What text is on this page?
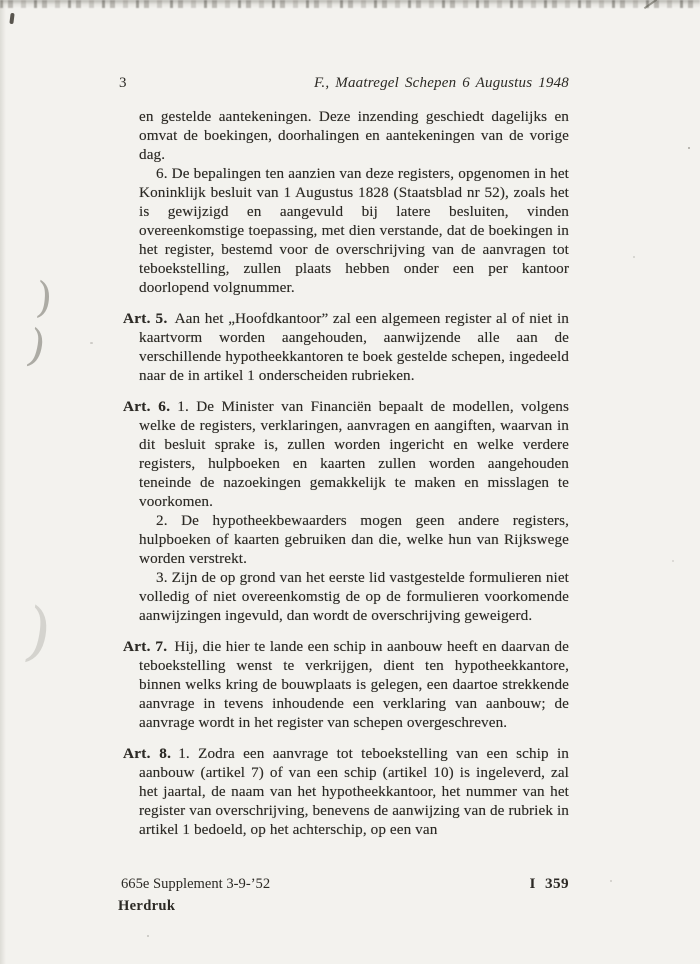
3	F., Maatregel Schepen 6 Augustus 1948
)
)
)

en gestelde aantekeningen. Deze inzending geschiedt dagelijks en omvat de boekingen, doorhalingen en aantekeningen van de vorige dag.

6. De bepalingen ten aanzien van deze registers, opgenomen in het Koninklijk besluit van 1 Augustus 1828 (Staatsblad nr 52), zoals het is gewijzigd en aangevuld bij latere besluiten, vinden overeenkomstige toepassing, met dien verstande, dat de boekingen in het register, bestemd voor de overschrijving van de aanvragen tot teboekstelling, zullen plaats hebben onder een per kantoor doorlopend volgnummer.

Art. 5. Aan het „Hoofdkantoor” zal een algemeen register al of niet in kaartvorm worden aangehouden, aanwijzende alle aan de verschillende hypotheekkantoren te boek gestelde schepen, ingedeeld naar de in artikel 1 onderscheiden rubrieken.

Art. 6. 1. De Minister van Financiën bepaalt de modellen, volgens welke de registers, verklaringen, aanvragen en aangiften, waarvan in dit besluit sprake is, zullen worden ingericht en welke verdere registers, hulpboeken en kaarten zullen worden aangehouden teneinde de nazoekingen gemakkelijk te maken en misslagen te voorkomen.

2. De hypotheekbewaarders mogen geen andere registers, hulpboeken of kaarten gebruiken dan die, welke hun van Rijkswege worden verstrekt.

3. Zijn de op grond van het eerste lid vastgestelde formulieren niet volledig of niet overeenkomstig de op de formulieren voorkomende aanwijzingen ingevuld, dan wordt de overschrijving geweigerd.

Art. 7. Hij, die hier te lande een schip in aanbouw heeft en daarvan de teboekstelling wenst te verkrijgen, dient ten hypotheekkantore, binnen welks kring de bouwplaats is gelegen, een daartoe strekkende aanvrage in tevens inhoudende een verklaring van aanbouw; de aanvrage wordt in het register van schepen overgeschreven.

Art. 8. 1. Zodra een aanvrage tot teboekstelling van een schip in aanbouw (artikel 7) of van een schip (artikel 10) is ingeleverd, zal het jaartal, de naam van het hypotheekkantoor, het nummer van het register van overschrijving, benevens de aanwijzing van de rubriek in artikel 1 bedoeld, op het achterschip, op een van

665e Supplement 3-9-’52	I 359
Herdruk
